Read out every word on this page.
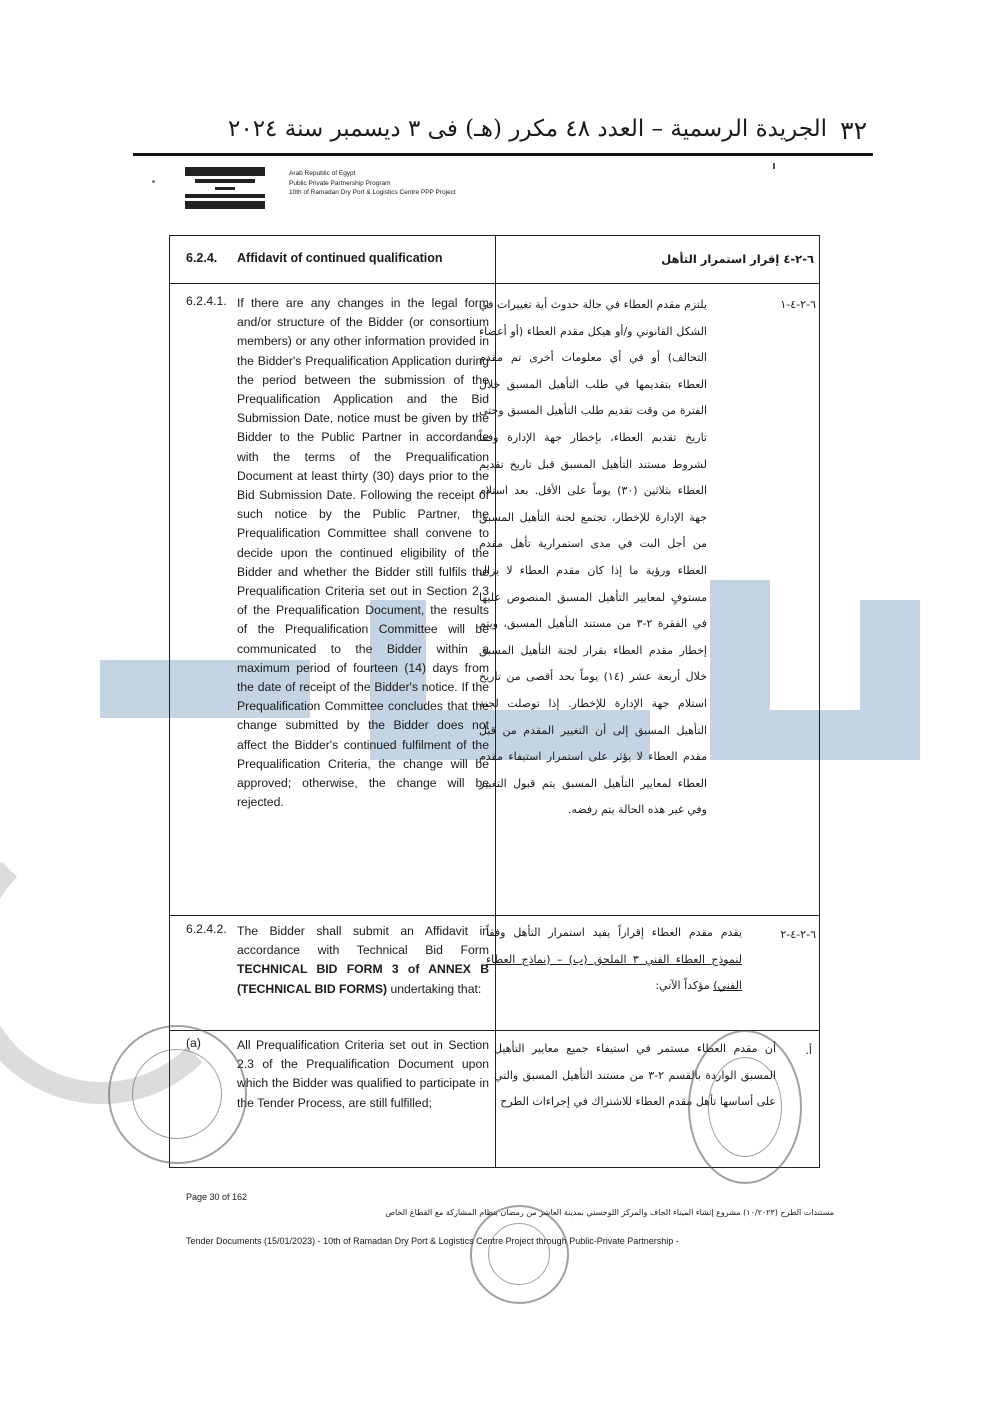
الجريدة الرسمية – العدد ٤٨ مكرر (هـ) فى ٣ ديسمبر سنة ٢٠٢٤ ٣٢
Arab Republic of Egypt
Public Private Partnership Program
10th of Ramadan Dry Port & Logistics Centre PPP Project
6.2.4. Affidavit of continued qualification	٦-٢-٤ إقرار استمرار التأهل
6.2.4.1. If there are any changes in the legal form and/or structure of the Bidder (or consortium members) or any other information provided in the Bidder's Prequalification Application during the period between the submission of the Prequalification Application and the Bid Submission Date, notice must be given by the Bidder to the Public Partner in accordance with the terms of the Prequalification Document at least thirty (30) days prior to the Bid Submission Date. Following the receipt of such notice by the Public Partner, the Prequalification Committee shall convene to decide upon the continued eligibility of the Bidder and whether the Bidder still fulfils the Prequalification Criteria set out in Section 2.3 of the Prequalification Document, the results of the Prequalification Committee will be communicated to the Bidder within a maximum period of fourteen (14) days from the date of receipt of the Bidder's notice. If the Prequalification Committee concludes that the change submitted by the Bidder does not affect the Bidder's continued fulfilment of the Prequalification Criteria, the change will be approved; otherwise, the change will be rejected.
٦-٢-٤-١
يلتزم مقدم العطاء في حالة حدوث أية تغييرات في الشكل القانوني و/أو هيكل مقدم العطاء (أو أعضاء التحالف) أو في أي معلومات أخرى تم مقدم العطاء بتقديمها في طلب التأهيل المسبق خلال الفترة من وقت تقديم طلب التأهيل المسبق وحتى تاريخ تقديم العطاء، بإخطار جهة الإدارة وفقاً لشروط مستند التأهيل المسبق قبل تاريخ تقديم العطاء بثلاثين (٣٠) يوماً على الأقل. بعد استلام جهة الإدارة للإخطار، تجتمع لجنة التأهيل المسبق من أجل البت في مدى استمرارية تأهل مقدم العطاء ورؤية ما إذا كان مقدم العطاء لا يزال مستوفٍ لمعايير التأهيل المسبق المنصوص عليها في الفقرة ٢-٣ من مستند التأهيل المسبق، ويتم إخطار مقدم العطاء بقرار لجنة التأهيل المسبق خلال أربعة عشر (١٤) يوماً بحد أقصى من تاريخ استلام جهة الإدارة للإخطار. إذا توصلت لجنة التأهيل المسبق إلى أن التغيير المقدم من قبل مقدم العطاء لا يؤثر على استمرار استيفاء مقدم العطاء لمعايير التأهيل المسبق يتم قبول التغيير وفي غير هذه الحالة يتم رفضه.
6.2.4.2. The Bidder shall submit an Affidavit in accordance with Technical Bid Form TECHNICAL BID FORM 3 of ANNEX B (TECHNICAL BID FORMS) undertaking that:
٦-٢-٤-٢
يقدم مقدم العطاء إقراراً يفيد استمرار التأهل وفقاً لنموذج العطاء الفني ٣ الملحق (ب) – (نماذج العطاء الفني) مؤكداً الآتي:
(a)	All Prequalification Criteria set out in Section 2.3 of the Prequalification Document upon which the Bidder was qualified to participate in the Tender Process, are still fulfilled;
أ.
أن مقدم العطاء مستمر في استيفاء جميع معايير التأهيل المسبق الواردة بالقسم ٢-٣ من مستند التأهيل المسبق والتي على أساسها تأهل مقدم العطاء للاشتراك في إجراءات الطرح
Page 30 of 162
مستندات الطرح (١٠/٢٠٢٣) مشروع إنشاء الميناء الجاف والمركز اللوجستي بمدينة العاشر من رمضان بنظام المشاركة مع القطاع الخاص
Tender Documents (15/01/2023) - 10th of Ramadan Dry Port & Logistics Centre Project through Public-Private Partnership -
